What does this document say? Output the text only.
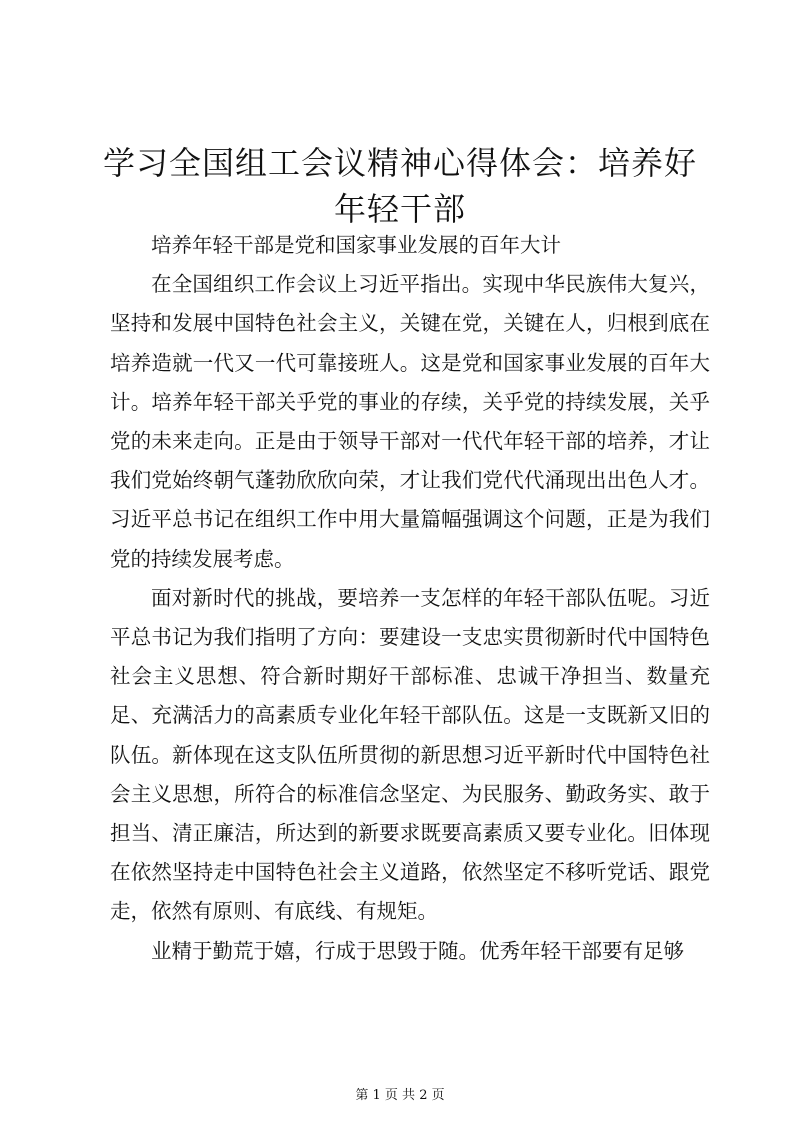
学习全国组工会议精神心得体会：培养好年轻干部

培养年轻干部是党和国家事业发展的百年大计

在全国组织工作会议上习近平指出。实现中华民族伟大复兴，坚持和发展中国特色社会主义，关键在党，关键在人，归根到底在培养造就一代又一代可靠接班人。这是党和国家事业发展的百年大计。培养年轻干部关乎党的事业的存续，关乎党的持续发展，关乎党的未来走向。正是由于领导干部对一代代年轻干部的培养，才让我们党始终朝气蓬勃欣欣向荣，才让我们党代代涌现出出色人才。习近平总书记在组织工作中用大量篇幅强调这个问题，正是为我们党的持续发展考虑。

面对新时代的挑战，要培养一支怎样的年轻干部队伍呢。习近平总书记为我们指明了方向：要建设一支忠实贯彻新时代中国特色社会主义思想、符合新时期好干部标准、忠诚干净担当、数量充足、充满活力的高素质专业化年轻干部队伍。这是一支既新又旧的队伍。新体现在这支队伍所贯彻的新思想习近平新时代中国特色社会主义思想，所符合的标准信念坚定、为民服务、勤政务实、敢于担当、清正廉洁，所达到的新要求既要高素质又要专业化。旧体现在依然坚持走中国特色社会主义道路，依然坚定不移听党话、跟党走，依然有原则、有底线、有规矩。

业精于勤荒于嬉，行成于思毁于随。优秀年轻干部要有足够

第 1 页 共 2 页
